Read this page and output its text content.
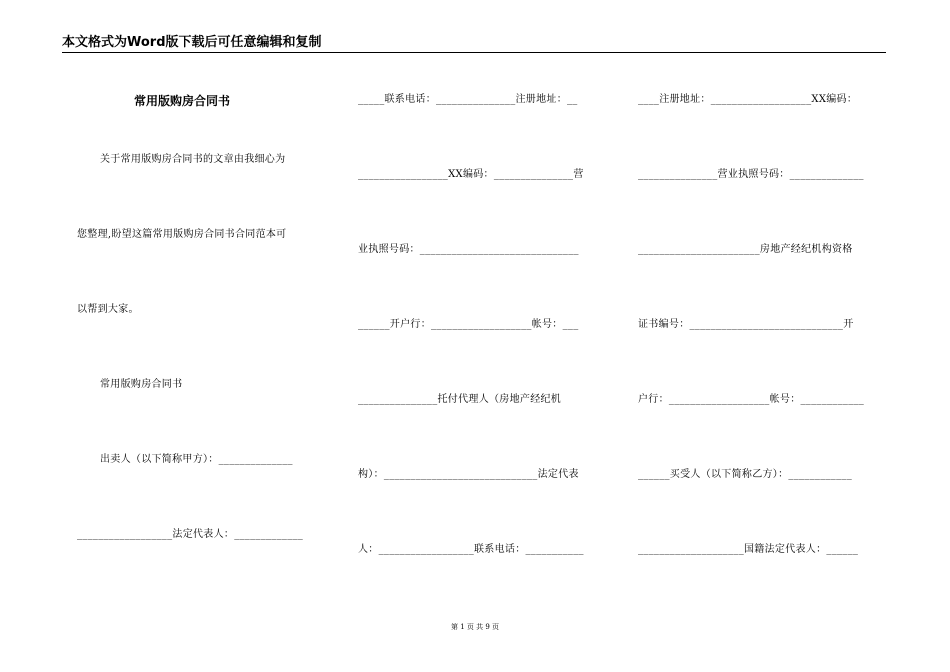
本文格式为Word版下载后可任意编辑和复制
常用版购房合同书
关于常用版购房合同书的文章由我细心为
您整理,盼望这篇常用版购房合同书合同范本可
以帮到大家。
常用版购房合同书
出卖人（以下简称甲方）：______________
__________________法定代表人：_____________
_____联系电话：_______________注册地址：__
_________________XX编码：_______________营
业执照号码：______________________________
______开户行：___________________帐号：___
_______________托付代理人（房地产经纪机
构）：_____________________________法定代表
人：__________________联系电话：___________
____注册地址：___________________XX编码：
_______________营业执照号码：______________
_______________________房地产经纪机构资格
证书编号：_____________________________开
户行：___________________帐号：____________
______买受人（以下简称乙方）：____________
____________________国籍法定代表人：______
第 1 页 共 9 页
